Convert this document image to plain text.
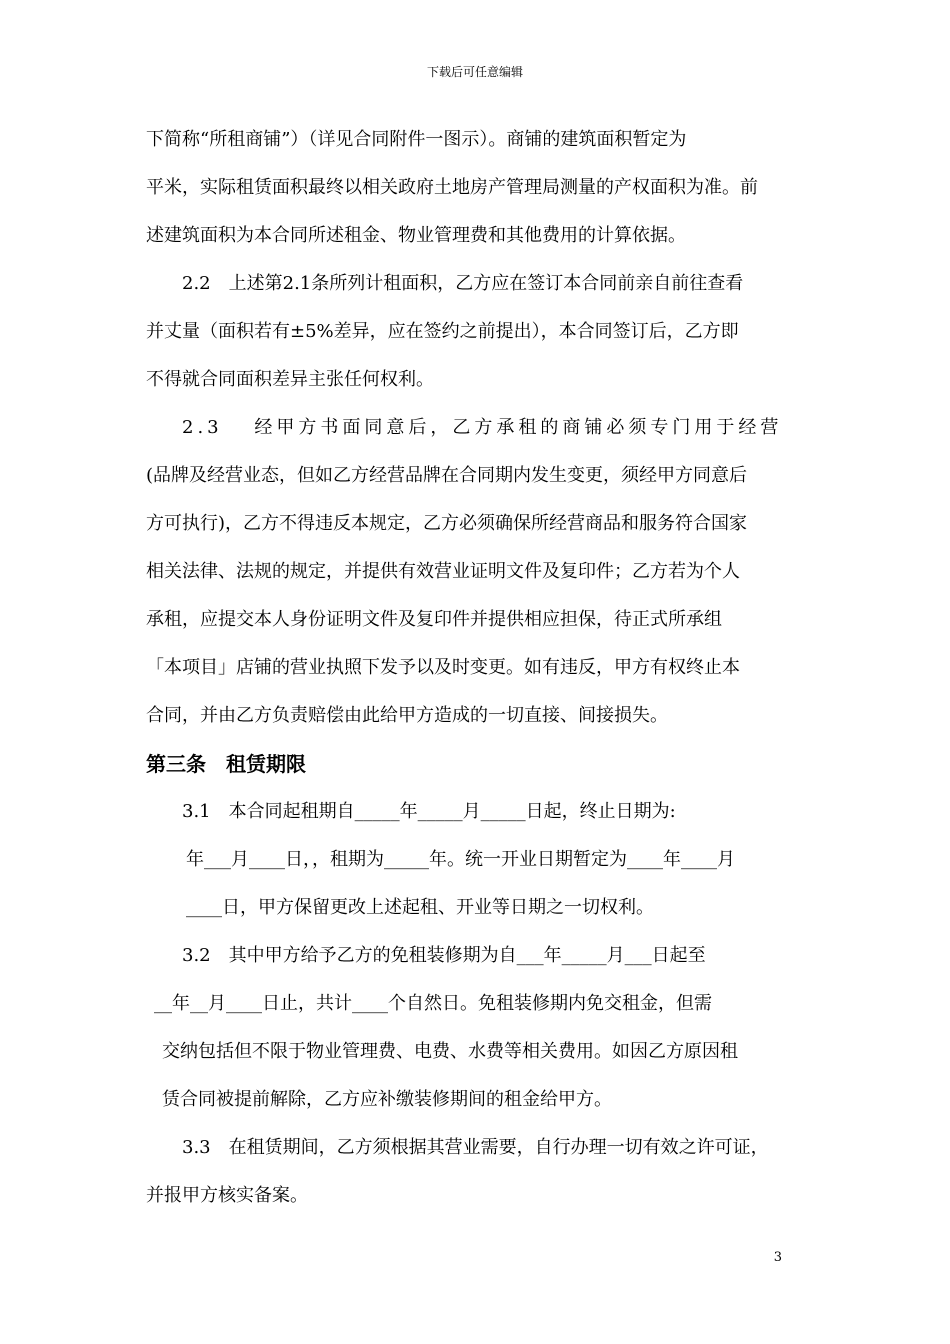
下载后可任意编辑
下简称“所租商铺”）（详见合同附件一图示）。商铺的建筑面积暂定为
平米，实际租赁面积最终以相关政府土地房产管理局测量的产权面积为准。前
述建筑面积为本合同所述租金、物业管理费和其他费用的计算依据。
2.2　上述第2.1条所列计租面积，乙方应在签订本合同前亲自前往查看
并丈量（面积若有±5%差异，应在签约之前提出），本合同签订后，乙方即
不得就合同面积差异主张任何权利。
2.3　 经甲方书面同意后，乙方承租的商铺必须专门用于经营
(品牌及经营业态，但如乙方经营品牌在合同期内发生变更，须经甲方同意后
方可执行)，乙方不得违反本规定，乙方必须确保所经营商品和服务符合国家
相关法律、法规的规定，并提供有效营业证明文件及复印件；乙方若为个人
承租，应提交本人身份证明文件及复印件并提供相应担保，待正式所承组
「本项目」店铺的营业执照下发予以及时变更。如有违反，甲方有权终止本
合同，并由乙方负责赔偿由此给甲方造成的一切直接、间接损失。
第三条　租赁期限
3.1　本合同起租期自_____年_____月_____日起，终止日期为:
年___月____日，，租期为_____年。统一开业日期暂定为____年____月
____日，甲方保留更改上述起租、开业等日期之一切权利。
3.2　其中甲方给予乙方的免租装修期为自___年_____月___日起至
__年__月____日止，共计____个自然日。免租装修期内免交租金，但需
交纳包括但不限于物业管理费、电费、水费等相关费用。如因乙方原因租
赁合同被提前解除，乙方应补缴装修期间的租金给甲方。
3.3　在租赁期间，乙方须根据其营业需要，自行办理一切有效之许可证，
并报甲方核实备案。
3
